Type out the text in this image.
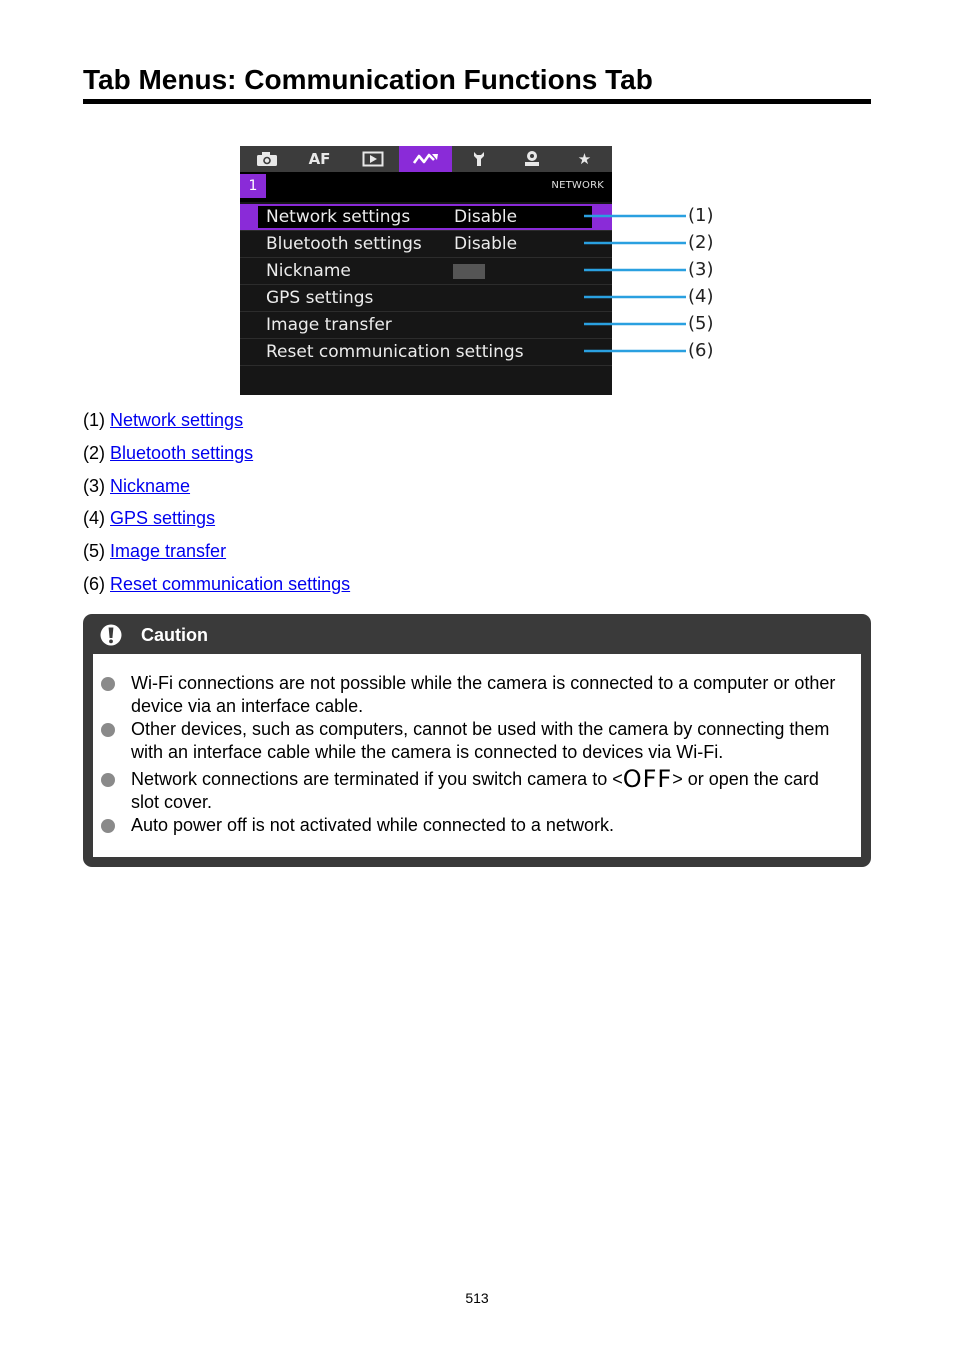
Tab Menus: Communication Functions Tab
AF	★
1	NETWORK
Network settings	Disable
Bluetooth settings Disable
Nickname
GPS settings
Image transfer
Reset communication settings
(1)
(2)
(3)
(4)
(5)
(6)
(1) Network settings
(2) Bluetooth settings
(3) Nickname
(4) GPS settings
(5) Image transfer
(6) Reset communication settings
Caution
Wi-Fi connections are not possible while the camera is connected to a computer or other device via an interface cable.
Other devices, such as computers, cannot be used with the camera by connecting them with an interface cable while the camera is connected to devices via Wi-Fi.
Network connections are terminated if you switch camera to <OFF> or open the card slot cover.
Auto power off is not activated while connected to a network.
513
